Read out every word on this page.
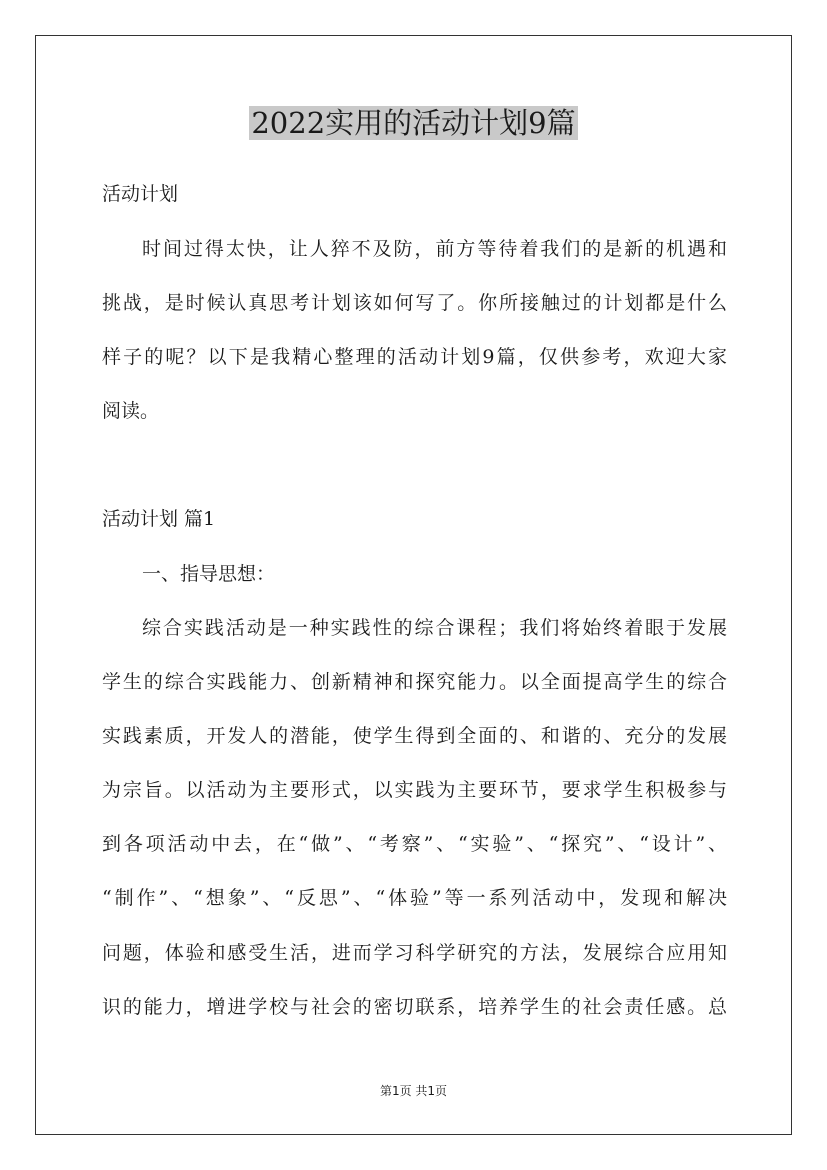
2022实用的活动计划9篇
活动计划
时间过得太快，让人猝不及防，前方等待着我们的是新的机遇和
挑战，是时候认真思考计划该如何写了。你所接触过的计划都是什么
样子的呢？以下是我精心整理的活动计划9篇，仅供参考，欢迎大家
阅读。
活动计划 篇1
一、指导思想：
综合实践活动是一种实践性的综合课程；我们将始终着眼于发展
学生的综合实践能力、创新精神和探究能力。以全面提高学生的综合
实践素质，开发人的潜能，使学生得到全面的、和谐的、充分的发展
为宗旨。以活动为主要形式，以实践为主要环节，要求学生积极参与
到各项活动中去，在“做”、“考察”、“实验”、“探究”、“设计”、
“制作”、“想象”、“反思”、“体验”等一系列活动中，发现和解决
问题，体验和感受生活，进而学习科学研究的方法，发展综合应用知
识的能力，增进学校与社会的密切联系，培养学生的社会责任感。总
第1页 共1页
